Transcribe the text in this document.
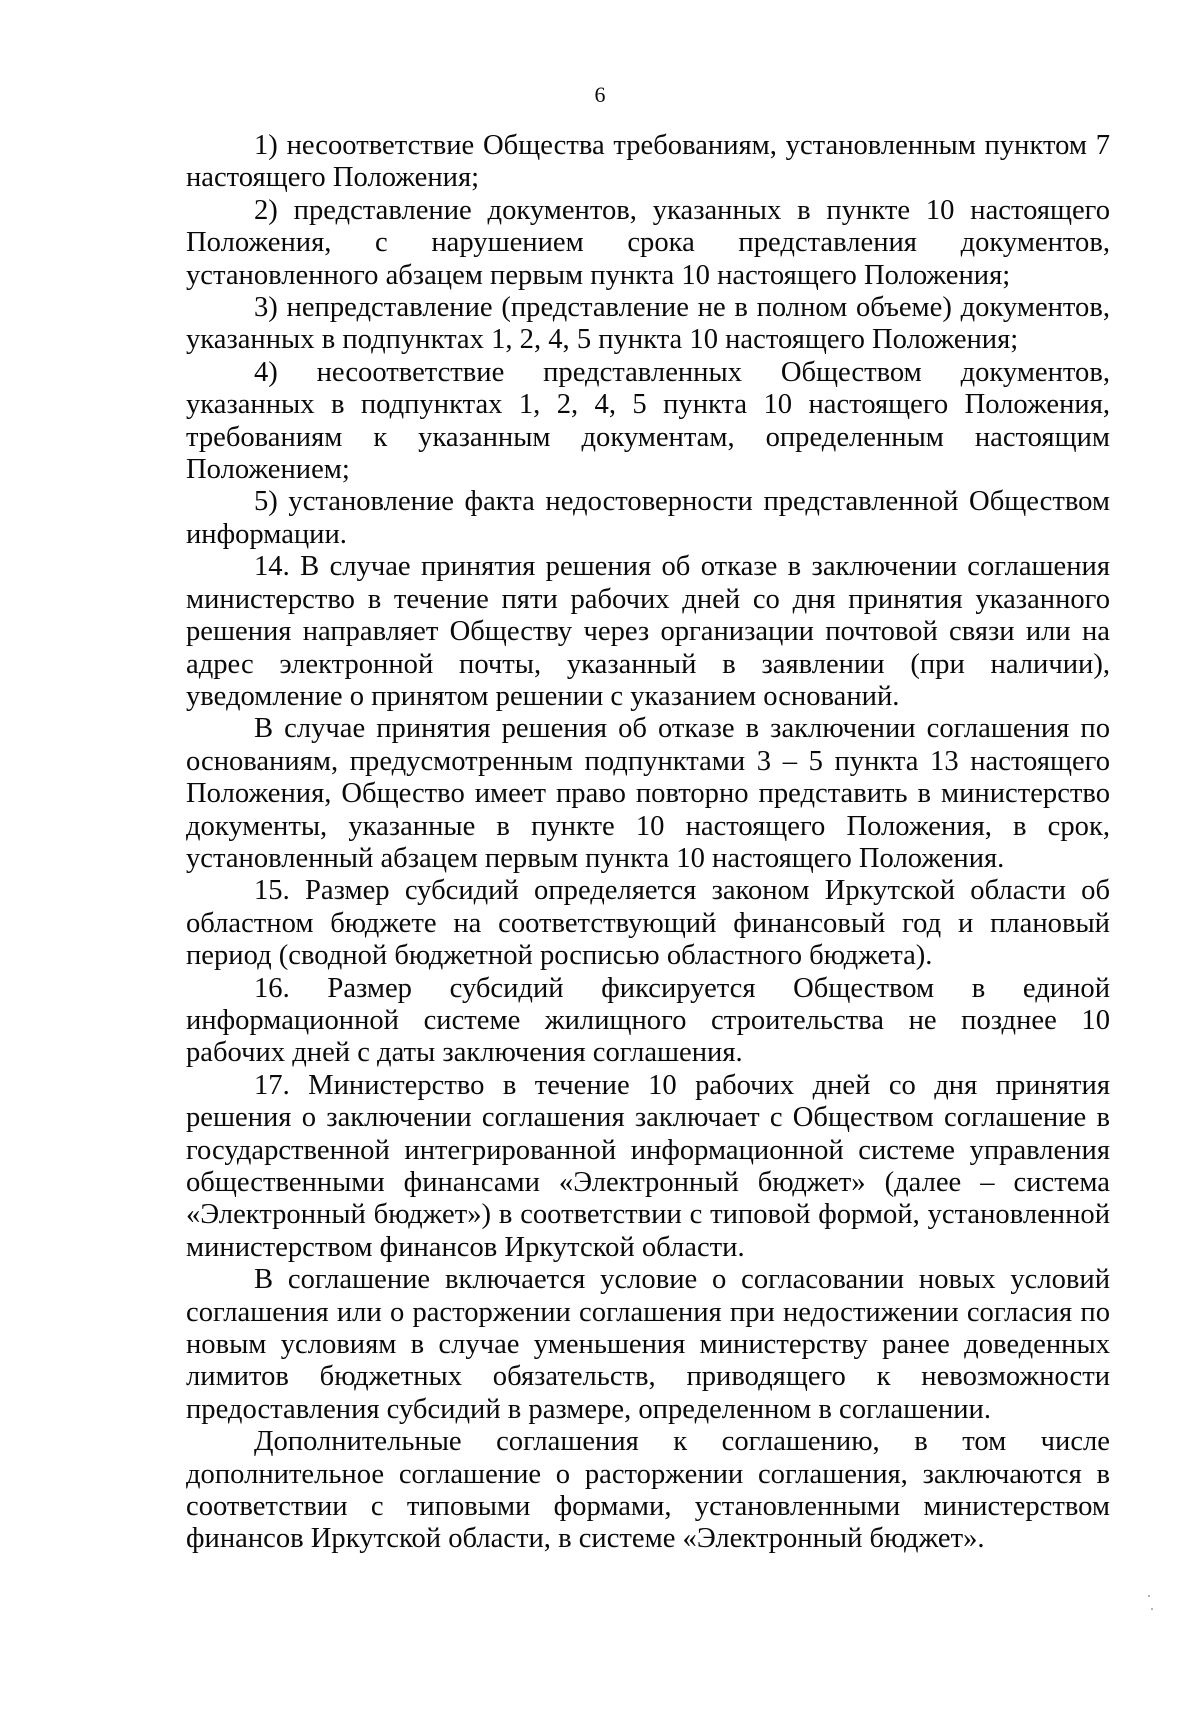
6

1) несоответствие Общества требованиям, установленным пунктом 7 настоящего Положения;

2) представление документов, указанных в пункте 10 настоящего Положения, с нарушением срока представления документов, установленного абзацем первым пункта 10 настоящего Положения;

3) непредставление (представление не в полном объеме) документов, указанных в подпунктах 1, 2, 4, 5 пункта 10 настоящего Положения;

4) несоответствие представленных Обществом документов, указанных в подпунктах 1, 2, 4, 5 пункта 10 настоящего Положения, требованиям к указанным документам, определенным настоящим Положением;

5) установление факта недостоверности представленной Обществом информации.

14. В случае принятия решения об отказе в заключении соглашения министерство в течение пяти рабочих дней со дня принятия указанного решения направляет Обществу через организации почтовой связи или на адрес электронной почты, указанный в заявлении (при наличии), уведомление о принятом решении с указанием оснований.

В случае принятия решения об отказе в заключении соглашения по основаниям, предусмотренным подпунктами 3 – 5 пункта 13 настоящего Положения, Общество имеет право повторно представить в министерство документы, указанные в пункте 10 настоящего Положения, в срок, установленный абзацем первым пункта 10 настоящего Положения.

15. Размер субсидий определяется законом Иркутской области об областном бюджете на соответствующий финансовый год и плановый период (сводной бюджетной росписью областного бюджета).

16. Размер субсидий фиксируется Обществом в единой информационной системе жилищного строительства не позднее 10 рабочих дней с даты заключения соглашения.

17. Министерство в течение 10 рабочих дней со дня принятия решения о заключении соглашения заключает с Обществом соглашение в государственной интегрированной информационной системе управления общественными финансами «Электронный бюджет» (далее – система «Электронный бюджет») в соответствии с типовой формой, установленной министерством финансов Иркутской области.

В соглашение включается условие о согласовании новых условий соглашения или о расторжении соглашения при недостижении согласия по новым условиям в случае уменьшения министерству ранее доведенных лимитов бюджетных обязательств, приводящего к невозможности предоставления субсидий в размере, определенном в соглашении.

Дополнительные соглашения к соглашению, в том числе дополнительное соглашение о расторжении соглашения, заключаются в соответствии с типовыми формами, установленными министерством финансов Иркутской области, в системе «Электронный бюджет».
